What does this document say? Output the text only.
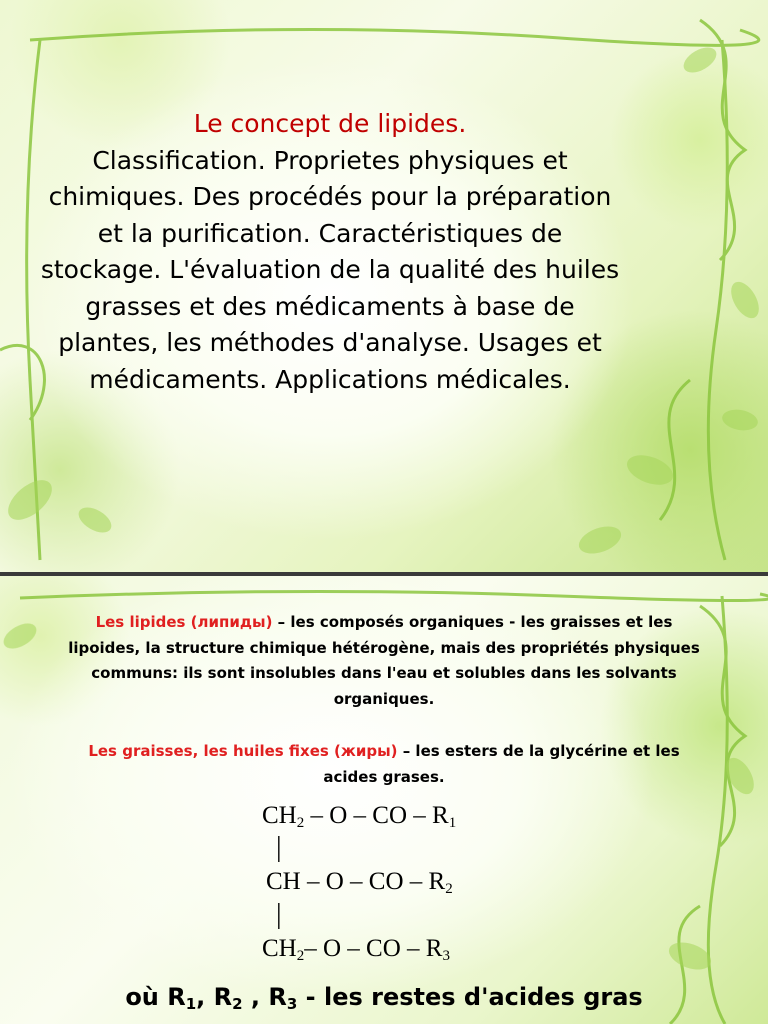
Le concept de lipides.
Classification. Proprietes physiques et chimiques. Des procédés pour la préparation et la purification. Caractéristiques de stockage. L'évaluation de la qualité des huiles grasses et des médicaments à base de plantes, les méthodes d'analyse. Usages et médicaments. Applications médicales.
Les lipides (липиды) – les composés organiques - les graisses et les lipoides, la structure chimique hétérogène, mais des propriétés physiques communs: ils sont insolubles dans l'eau et solubles dans les solvants organiques.
Les graisses, les huiles fixes (жиры) – les esters de la glycérine et les acides grases.
$CH_2$ – O – CO – $R_1$
|
CH – O – CO – $R_2$
|
$CH_2-$ O – CO – $R_3$
où $R_1$, $R_2$ , $R_3$ - les restes d'acides gras
